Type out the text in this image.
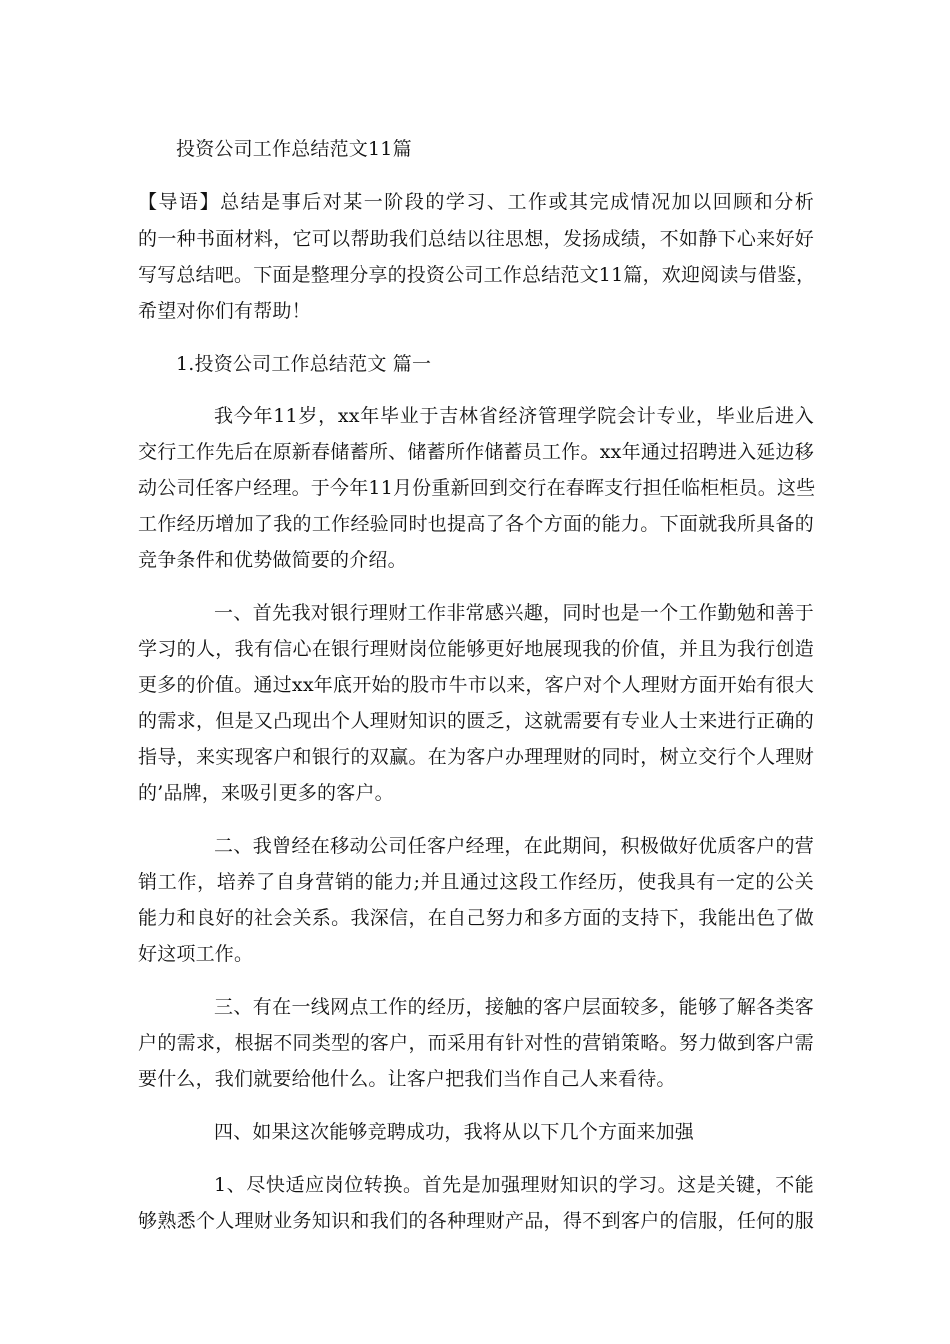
投资公司工作总结范文11篇
【导语】总结是事后对某一阶段的学习、工作或其完成情况加以回顾和分析
的一种书面材料，它可以帮助我们总结以往思想，发扬成绩，不如静下心来好好
写写总结吧。下面是整理分享的投资公司工作总结范文11篇，欢迎阅读与借鉴，
希望对你们有帮助！
1.投资公司工作总结范文 篇一
我今年11岁，xx年毕业于吉林省经济管理学院会计专业，毕业后进入
交行工作先后在原新春储蓄所、储蓄所作储蓄员工作。xx年通过招聘进入延边移
动公司任客户经理。于今年11月份重新回到交行在春晖支行担任临柜柜员。这些
工作经历增加了我的工作经验同时也提高了各个方面的能力。下面就我所具备的
竞争条件和优势做简要的介绍。
一、首先我对银行理财工作非常感兴趣，同时也是一个工作勤勉和善于
学习的人，我有信心在银行理财岗位能够更好地展现我的价值，并且为我行创造
更多的价值。通过xx年底开始的股市牛市以来，客户对个人理财方面开始有很大
的需求，但是又凸现出个人理财知识的匮乏，这就需要有专业人士来进行正确的
指导，来实现客户和银行的双赢。在为客户办理理财的同时，树立交行个人理财
的’品牌，来吸引更多的客户。
二、我曾经在移动公司任客户经理，在此期间，积极做好优质客户的营
销工作，培养了自身营销的能力;并且通过这段工作经历，使我具有一定的公关
能力和良好的社会关系。我深信，在自己努力和多方面的支持下，我能出色了做
好这项工作。
三、有在一线网点工作的经历，接触的客户层面较多，能够了解各类客
户的需求，根据不同类型的客户，而采用有针对性的营销策略。努力做到客户需
要什么，我们就要给他什么。让客户把我们当作自己人来看待。
四、如果这次能够竞聘成功，我将从以下几个方面来加强
1、尽快适应岗位转换。首先是加强理财知识的学习。这是关键，不能
够熟悉个人理财业务知识和我们的各种理财产品，得不到客户的信服，任何的服
